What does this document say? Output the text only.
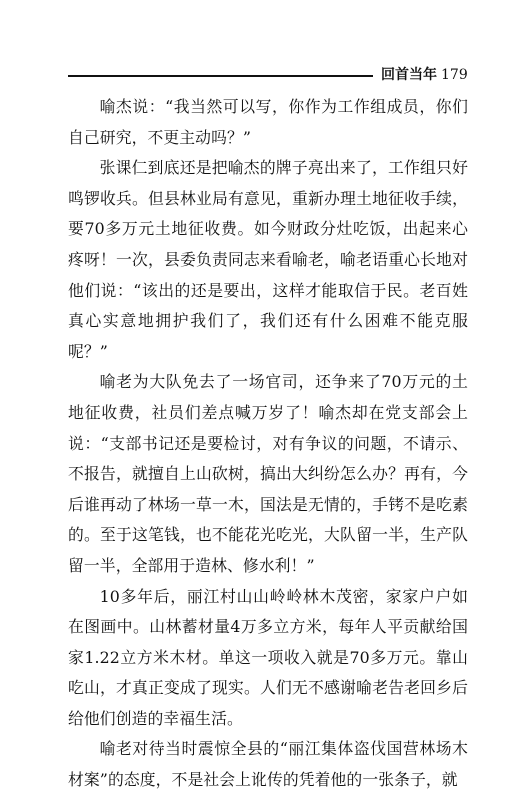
回首当年 179

喻杰说：“我当然可以写，你作为工作组成员，你们自己研究，不更主动吗？”

张课仁到底还是把喻杰的牌子亮出来了，工作组只好鸣锣收兵。但县林业局有意见，重新办理土地征收手续，要70多万元土地征收费。如今财政分灶吃饭，出起来心疼呀！一次，县委负责同志来看喻老，喻老语重心长地对他们说：“该出的还是要出，这样才能取信于民。老百姓真心实意地拥护我们了，我们还有什么困难不能克服呢？”

喻老为大队免去了一场官司，还争来了70万元的土地征收费，社员们差点喊万岁了！喻杰却在党支部会上说：“支部书记还是要检讨，对有争议的问题，不请示、不报告，就擅自上山砍树，搞出大纠纷怎么办？再有，今后谁再动了林场一草一木，国法是无情的，手铐不是吃素的。至于这笔钱，也不能花光吃光，大队留一半，生产队留一半，全部用于造林、修水利！”

10多年后，丽江村山山岭岭林木茂密，家家户户如在图画中。山林蓄材量4万多立方米，每年人平贡献给国家1.22立方米木材。单这一项收入就是70多万元。靠山吃山，才真正变成了现实。人们无不感谢喻老告老回乡后给他们创造的幸福生活。

喻老对待当时震惊全县的“丽江集体盗伐国营林场木材案”的态度，不是社会上讹传的凭着他的一张条子，就
